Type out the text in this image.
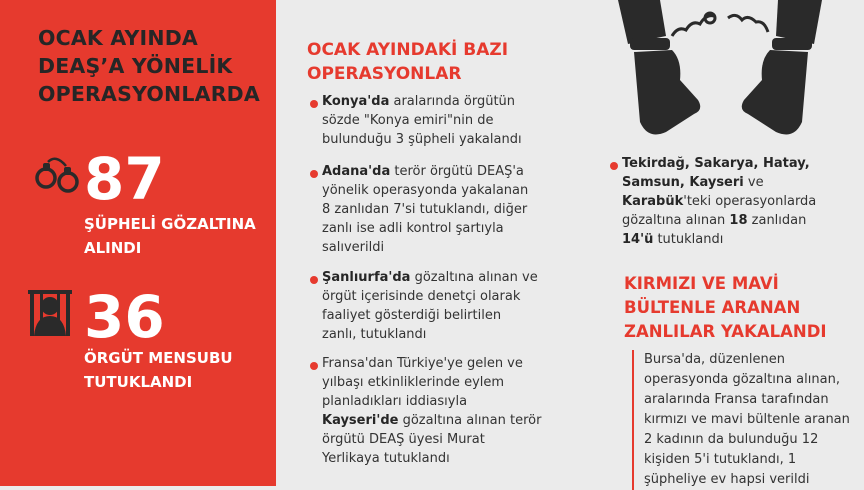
OCAK AYINDA
DEAŞ’A YÖNELİK
OPERASYONLARDA
87
ŞÜPHELİ GÖZALTINA
ALINDI
36
ÖRGÜT MENSUBU
TUTUKLANDI
OCAK AYINDAKİ BAZI
OPERASYONLAR
Konya'da aralarında örgütün
sözde "Konya emiri"nin de
bulunduğu 3 şüpheli yakalandı
Adana'da terör örgütü DEAŞ'a
yönelik operasyonda yakalanan
8 zanlıdan 7'si tutuklandı, diğer
zanlı ise adli kontrol şartıyla
salıverildi
Şanlıurfa'da gözaltına alınan ve
örgüt içerisinde denetçi olarak
faaliyet gösterdiği belirtilen
zanlı, tutuklandı
Fransa'dan Türkiye'ye gelen ve
yılbaşı etkinliklerinde eylem
planladıkları iddiasıyla
Kayseri'de gözaltına alınan terör
örgütü DEAŞ üyesi Murat
Yerlikaya tutuklandı
Tekirdağ, Sakarya, Hatay,
Samsun, Kayseri ve
Karabük'teki operasyonlarda
gözaltına alınan 18 zanlıdan
14'ü tutuklandı
KIRMIZI VE MAVİ
BÜLTENLE ARANAN
ZANLILAR YAKALANDI
Bursa'da, düzenlenen
operasyonda gözaltına alınan,
aralarında Fransa tarafından
kırmızı ve mavi bültenle aranan
2 kadının da bulunduğu 12
kişiden 5'i tutuklandı, 1
şüpheliye ev hapsi verildi
